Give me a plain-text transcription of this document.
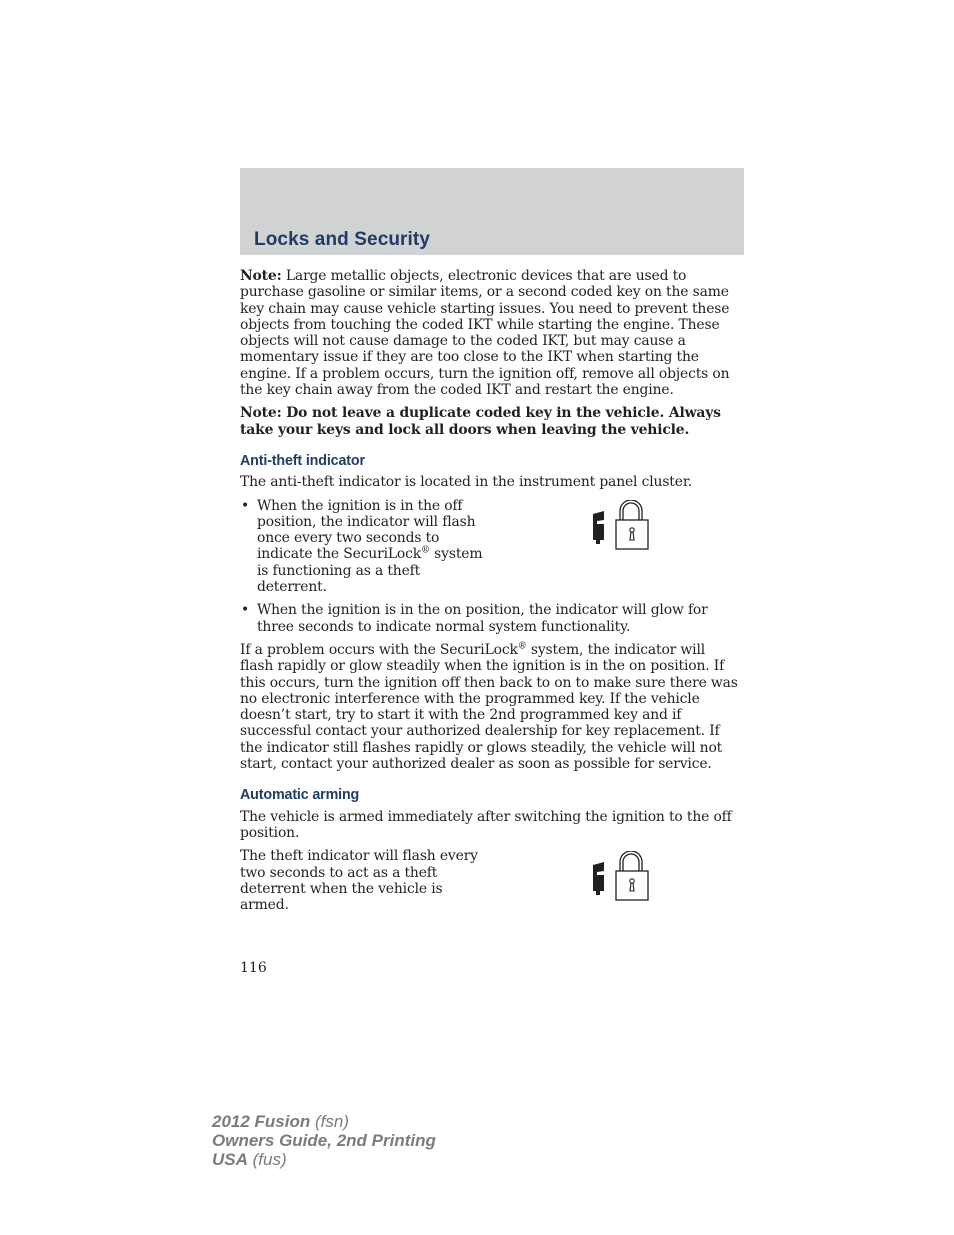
Locks and Security

Note: Large metallic objects, electronic devices that are used to purchase gasoline or similar items, or a second coded key on the same key chain may cause vehicle starting issues. You need to prevent these objects from touching the coded IKT while starting the engine. These objects will not cause damage to the coded IKT, but may cause a momentary issue if they are too close to the IKT when starting the engine. If a problem occurs, turn the ignition off, remove all objects on the key chain away from the coded IKT and restart the engine.

Note: Do not leave a duplicate coded key in the vehicle. Always take your keys and lock all doors when leaving the vehicle.

Anti-theft indicator

The anti-theft indicator is located in the instrument panel cluster.

• When the ignition is in the off position, the indicator will flash once every two seconds to indicate the SecuriLock® system is functioning as a theft deterrent.
• When the ignition is in the on position, the indicator will glow for three seconds to indicate normal system functionality.

If a problem occurs with the SecuriLock® system, the indicator will flash rapidly or glow steadily when the ignition is in the on position. If this occurs, turn the ignition off then back to on to make sure there was no electronic interference with the programmed key. If the vehicle doesn’t start, try to start it with the 2nd programmed key and if successful contact your authorized dealership for key replacement. If the indicator still flashes rapidly or glows steadily, the vehicle will not start, contact your authorized dealer as soon as possible for service.

Automatic arming

The vehicle is armed immediately after switching the ignition to the off position.

The theft indicator will flash every two seconds to act as a theft deterrent when the vehicle is armed.

116
2012 Fusion (fsn)
Owners Guide, 2nd Printing
USA (fus)
